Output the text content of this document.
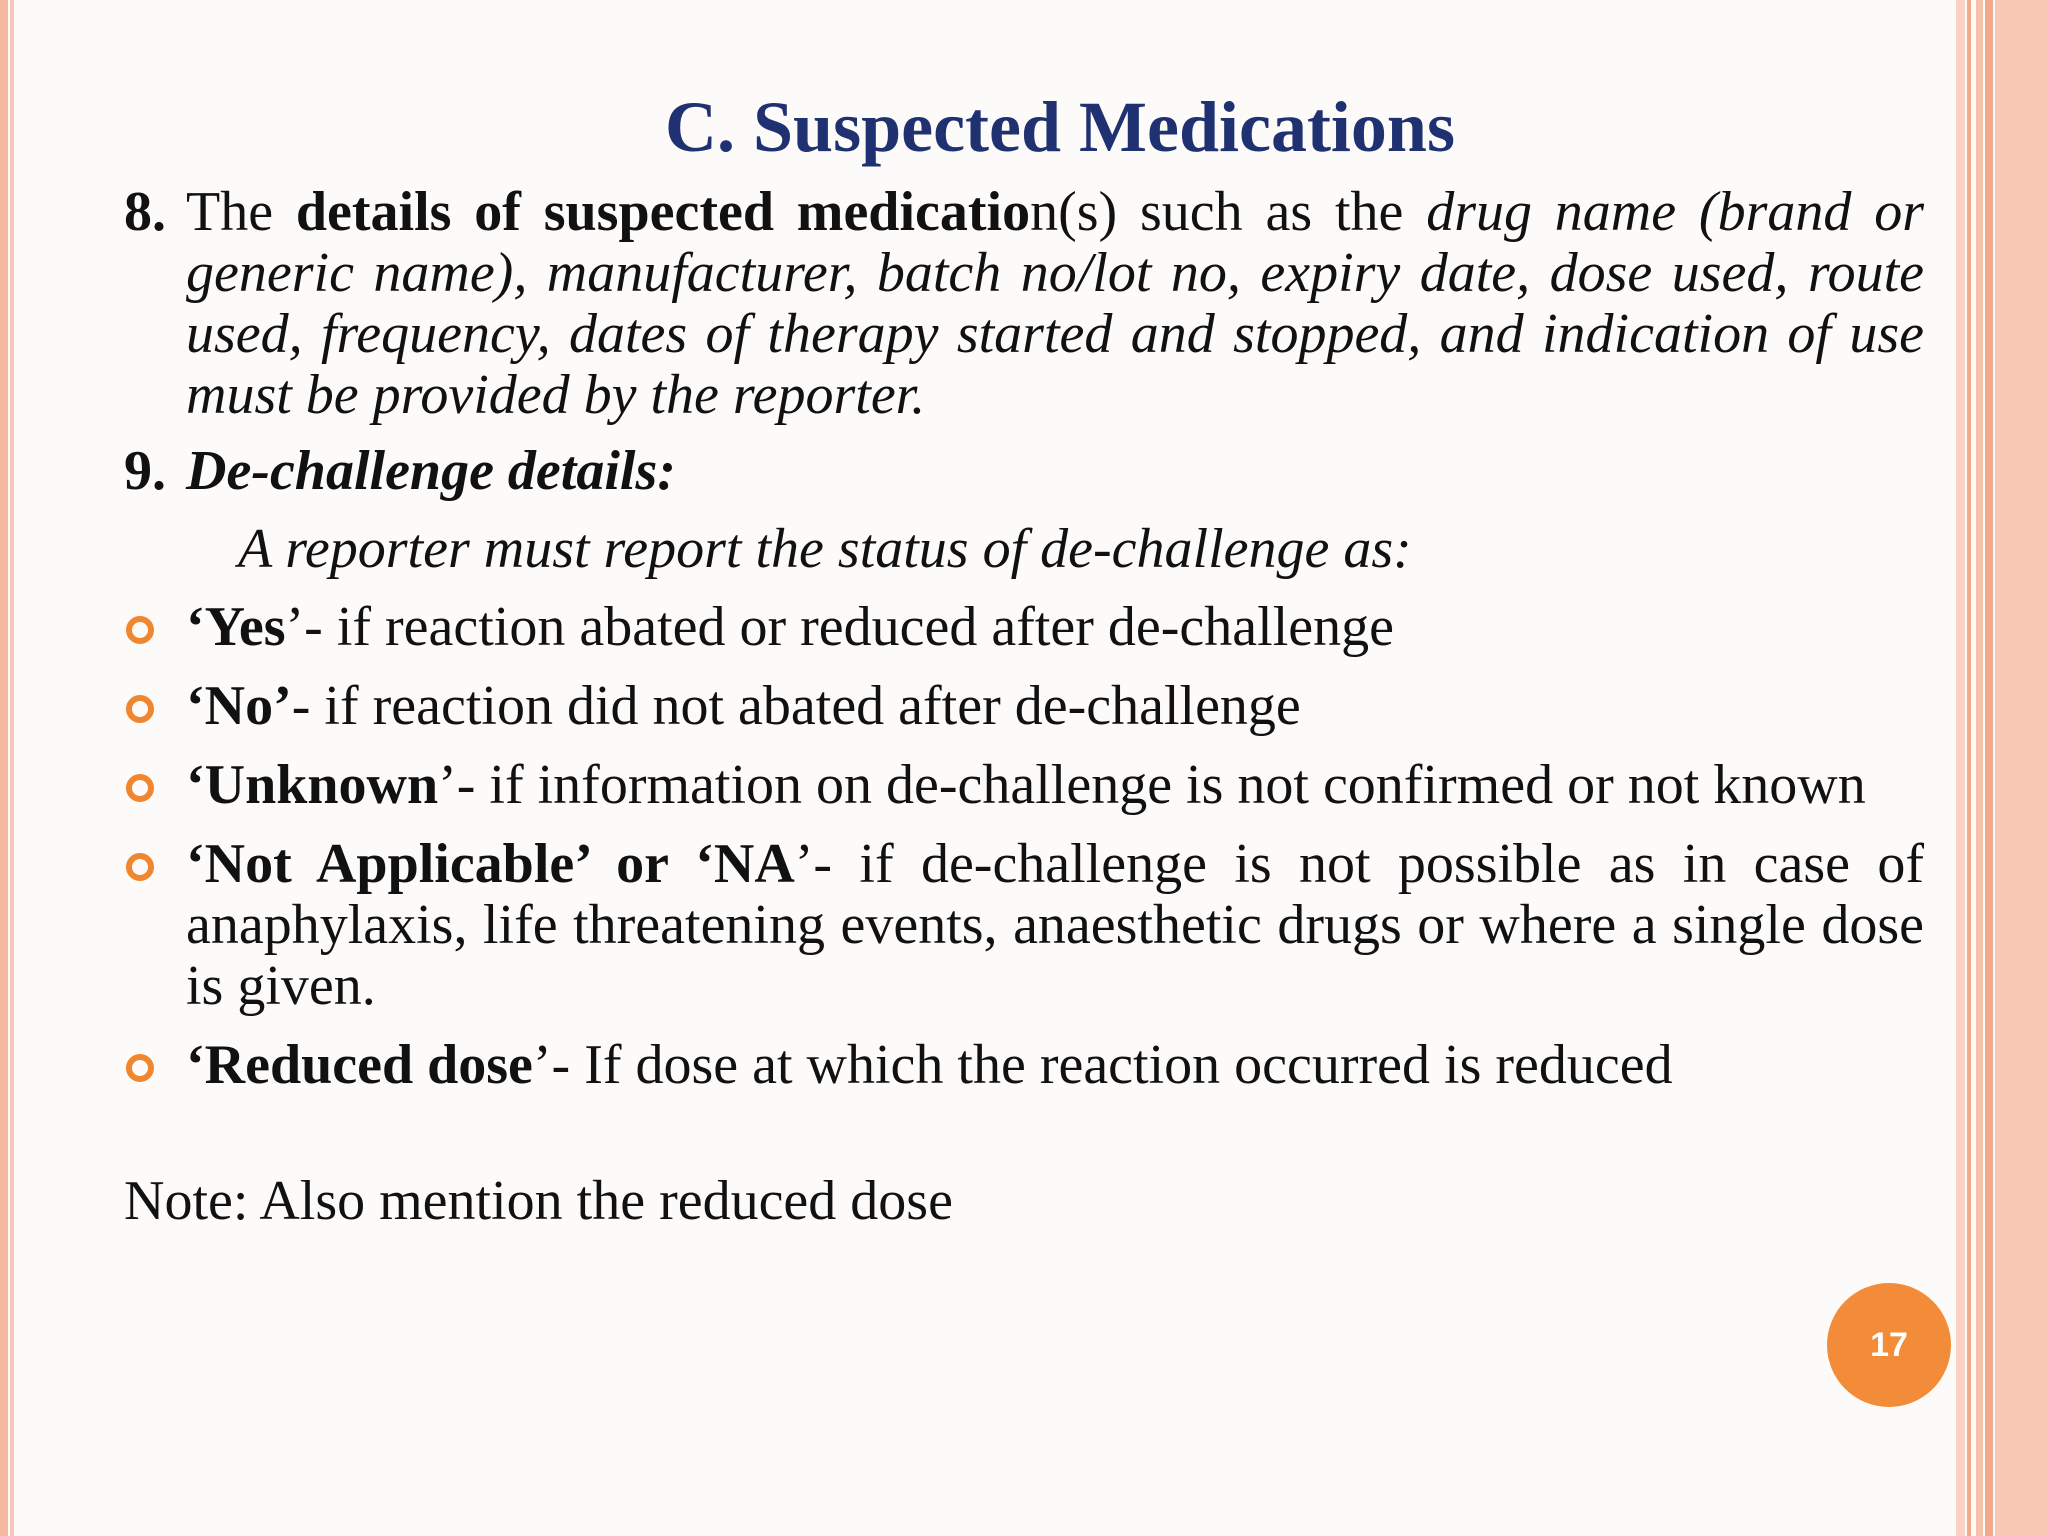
C. Suspected Medications
8. The details of suspected medication(s) such as the drug name (brand or generic name), manufacturer, batch no/lot no, expiry date, dose used, route used, frequency, dates of therapy started and stopped, and indication of use must be provided by the reporter.
9. De-challenge details:
A reporter must report the status of de-challenge as:
‘Yes’- if reaction abated or reduced after de-challenge
‘No’- if reaction did not abated after de-challenge
‘Unknown’- if information on de-challenge is not confirmed or not known
‘Not Applicable’ or ‘NA’- if de-challenge is not possible as in case of anaphylaxis, life threatening events, anaesthetic drugs or where a single dose is given.
‘Reduced dose’- If dose at which the reaction occurred is reduced
Note: Also mention the reduced dose
17
